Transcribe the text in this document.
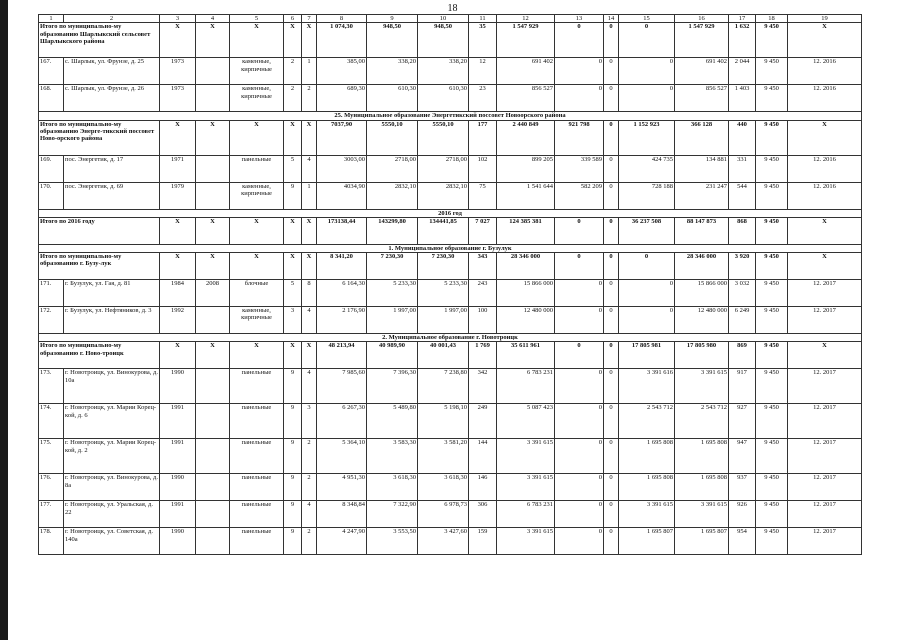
18
1	2	3	4	5	6	7	8	9	10	11	12	13	14	15	16	17	18	19
Итого по муниципально-му образованию Шарлыкский сельсовет Шарлыкского района		Х	Х	Х	Х	Х	1 074,30	948,50	948,50	35	1 547 929	0	0	0	1 547 929	1 632	9 450	Х
167.	с. Шарлык, ул. Фрунзе, д. 25	1973		каменные, кирпичные	2	1	385,00	338,20	338,20	12	691 402	0	0	0	691 402	2 044	9 450	12. 2016
168.	с. Шарлык, ул. Фрунзе, д. 26	1973		каменные, кирпичные	2	2	689,30	610,30	610,30	23	856 527	0	0	0	856 527	1 403	9 450	12. 2016
25. Муниципальное образование Энергетикский поссовет Новоорского района																		
Итого по муниципально-му образованию Энерге-тикский поссовет Ново-орского района		Х	Х	Х	Х	Х	7037,90	5550,10	5550,10	177	2 440 849	921 798	0	1 152 923	366 128	440	9 450	Х
169.	пос. Энергетик, д. 17	1971		панельные	5	4	3003,00	2718,00	2718,00	102	899 205	339 589	0	424 735	134 881	331	9 450	12. 2016
170.	пос. Энергетик, д. 69	1979		каменные, кирпичные	9	1	4034,90	2832,10	2832,10	75	1 541 644	582 209	0	728 188	231 247	544	9 450	12. 2016
2016 год																		
Итого по 2016 году		Х	Х	Х	Х	Х	173138,44	143299,80	134441,85	7 027	124 385 381	0	0	36 237 508	88 147 873	868	9 450	Х
1. Муниципальное образование г. Бузулук																		
Итого по муниципально-му образованию г. Бузу-лук		Х	Х	Х	Х	Х	8 341,20	7 230,30	7 230,30	343	28 346 000	0	0	0	28 346 000	3 920	9 450	Х
171.	г. Бузулук, ул. Гая, д. 81	1984	2008	блочные	5	8	6 164,30	5 233,30	5 233,30	243	15 866 000	0	0	0	15 866 000	3 032	9 450	12. 2017
172.	г. Бузулук, ул. Нефтяников, д. 3	1992		каменные, кирпичные	3	4	2 176,90	1 997,00	1 997,00	100	12 480 000	0	0	0	12 480 000	6 249	9 450	12. 2017
2. Муниципальное образование г. Новотроицк																		
Итого по муниципально-му образованию г. Ново-троицк		Х	Х	Х	Х	Х	48 213,94	40 989,90	40 001,43	1 769	35 611 961	0	0	17 805 981	17 805 980	869	9 450	Х
173.	г. Новотроицк, ул. Винокурова, д. 10а	1990		панельные	9	4	7 985,60	7 396,30	7 238,80	342	6 783 231	0	0	3 391 616	3 391 615	917	9 450	12. 2017
174.	г. Новотроицк, ул. Марии Корец-кой, д. 6	1991		панельные	9	3	6 267,30	5 489,80	5 198,10	249	5 087 423	0	0	2 543 712	2 543 712	927	9 450	12. 2017
175.	г. Новотроицк, ул. Марии Корец-кой, д. 2	1991		панельные	9	2	5 364,10	3 583,30	3 581,20	144	3 391 615	0	0	1 695 808	1 695 808	947	9 450	12. 2017
176.	г. Новотроицк, ул. Винокурова, д. 8а	1990		панельные	9	2	4 951,30	3 618,30	3 618,30	146	3 391 615	0	0	1 695 808	1 695 808	937	9 450	12. 2017
177.	г. Новотроицк, ул. Уральская, д. 22	1991		панельные	9	4	8 348,84	7 322,90	6 978,73	306	6 783 231	0	0	3 391 615	3 391 615	926	9 450	12. 2017
178.	г. Новотроицк, ул. Советская, д. 140а	1990		панельные	9	2	4 247,90	3 553,50	3 427,60	159	3 391 615	0	0	1 695 807	1 695 807	954	9 450	12. 2017
